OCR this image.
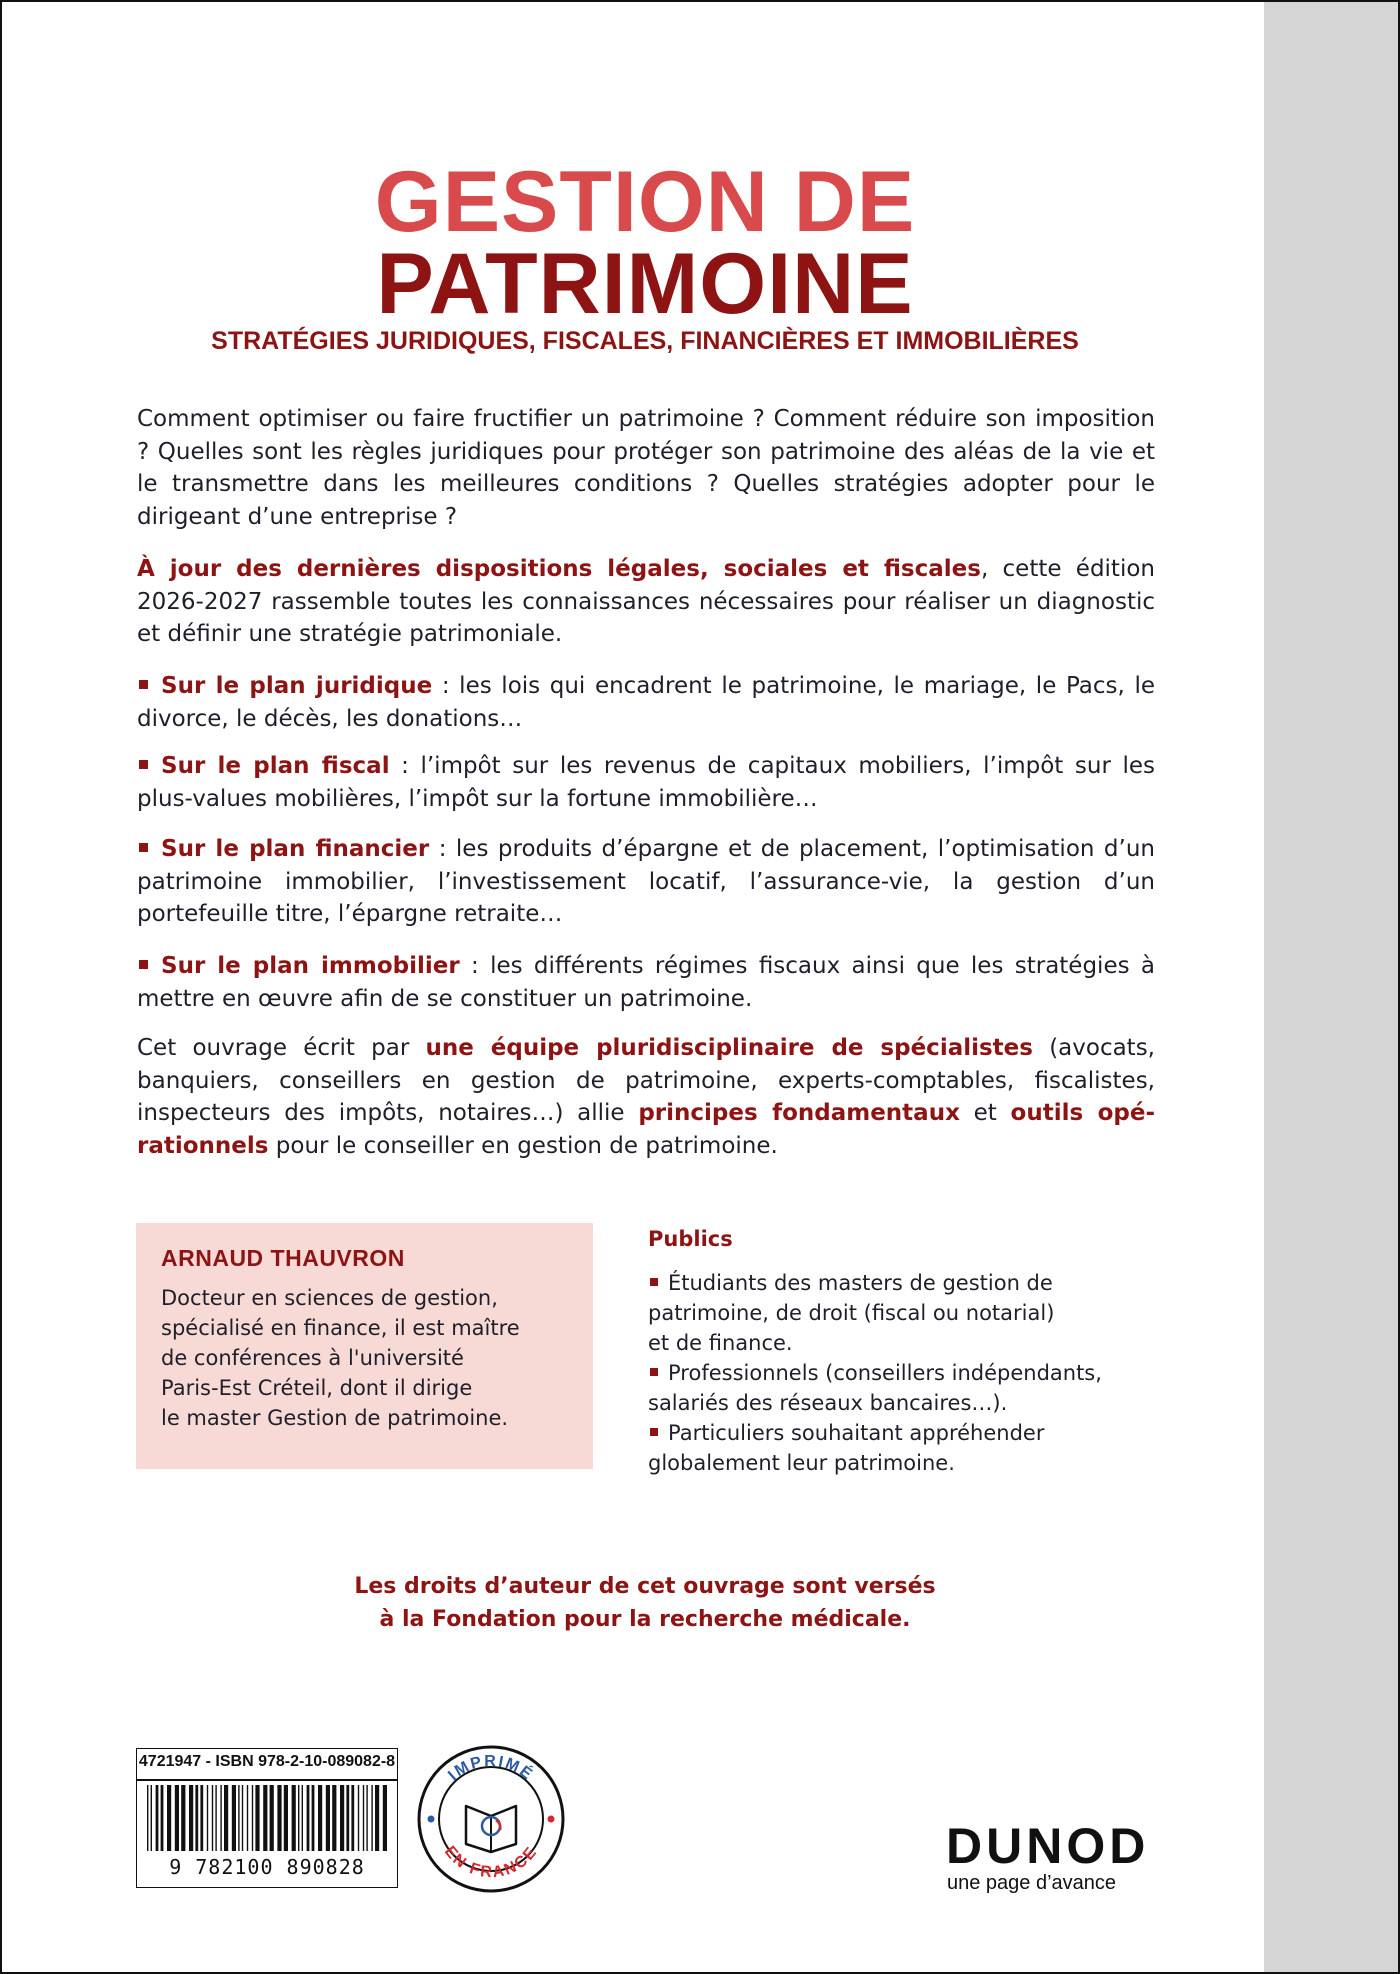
GESTION DE
PATRIMOINE
STRATÉGIES JURIDIQUES, FISCALES, FINANCIÈRES ET IMMOBILIÈRES
Comment optimiser ou faire fructifier un patrimoine ? Comment réduire son imposition ? Quelles sont les règles juridiques pour protéger son patrimoine des aléas de la vie et le transmettre dans les meilleures conditions ? Quelles stratégies adopter pour le dirigeant d’une entreprise ?
À jour des dernières dispositions légales, sociales et fiscales, cette édition 2026-2027 rassemble toutes les connaissances nécessaires pour réaliser un diagnostic et définir une stratégie patrimoniale.
Sur le plan juridique : les lois qui encadrent le patrimoine, le mariage, le Pacs, le divorce, le décès, les donations…
Sur le plan fiscal : l’impôt sur les revenus de capitaux mobiliers, l’impôt sur les plus-values mobilières, l’impôt sur la fortune immobilière…
Sur le plan financier : les produits d’épargne et de placement, l’optimisation d’un patrimoine immobilier, l’investissement locatif, l’assurance-vie, la gestion d’un portefeuille titre, l’épargne retraite…
Sur le plan immobilier : les différents régimes fiscaux ainsi que les stratégies à mettre en œuvre afin de se constituer un patrimoine.
Cet ouvrage écrit par une équipe pluridisciplinaire de spécialistes (avocats, banquiers, conseillers en gestion de patrimoine, experts-comptables, fiscalistes, inspecteurs des impôts, notaires…) allie principes fondamentaux et outils opé-rationnels pour le conseiller en gestion de patrimoine.
ARNAUD THAUVRON
Docteur en sciences de gestion,
spécialisé en finance, il est maître
de conférences à l'université
Paris-Est Créteil, dont il dirige
le master Gestion de patrimoine.
Publics
Étudiants des masters de gestion de
patrimoine, de droit (fiscal ou notarial)
et de finance.
Professionnels (conseillers indépendants,
salariés des réseaux bancaires…).
Particuliers souhaitant appréhender
globalement leur patrimoine.
Les droits d’auteur de cet ouvrage sont versés
à la Fondation pour la recherche médicale.
4721947 - ISBN 978-2-10-089082-8
9 782100 890828
IMPRIMÉ
EN FRANCE	DUNOD
une page d’avance
